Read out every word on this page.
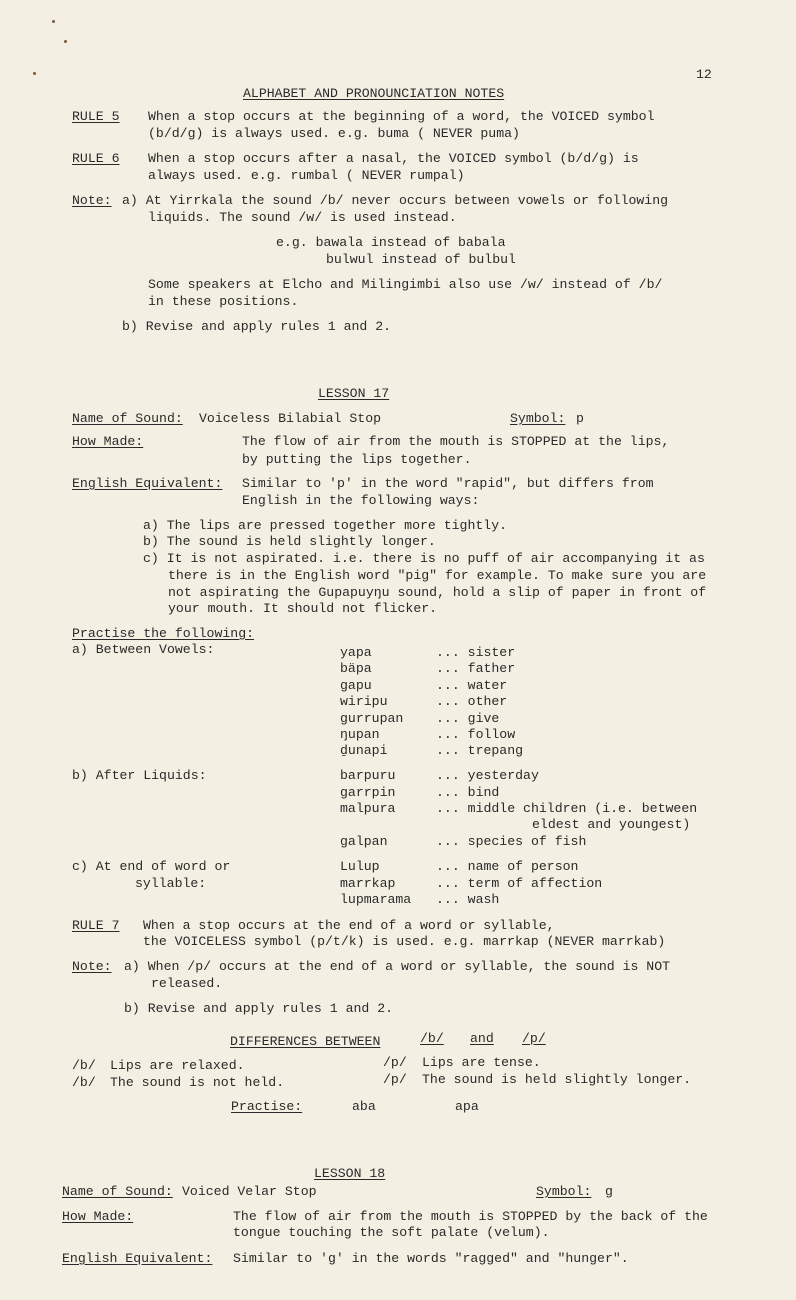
12
ALPHABET AND PRONOUNCIATION NOTES
RULE 5 When a stop occurs at the beginning of a word, the VOICED symbol
(b/d/g) is always used. e.g. buma ( NEVER puma)
RULE 6 When a stop occurs after a nasal, the VOICED symbol (b/d/g) is
always used. e.g. rumbal ( NEVER rumpal)
Note: a) At Yirrkala the sound /b/ never occurs between vowels or following
liquids. The sound /w/ is used instead.
e.g. bawala instead of babala
bulwul instead of bulbul
Some speakers at Elcho and Milingimbi also use /w/ instead of /b/
in these positions.
b) Revise and apply rules 1 and 2.
LESSON 17
Name of Sound: Voiceless Bilabial Stop	Symbol: p
How Made:	The flow of air from the mouth is STOPPED at the lips,
by putting the lips together.
English Equivalent: Similar to 'p' in the word "rapid", but differs from
English in the following ways:
a) The lips are pressed together more tightly.
b) The sound is held slightly longer.
c) It is not aspirated. i.e. there is no puff of air accompanying it as
there is in the English word "pig" for example. To make sure you are
not aspirating the Gupapuyŋu sound, hold a slip of paper in front of
your mouth. It should not flicker.
Practise the following:
a) Between Vowels:	yapa	... sister
bäpa	... father
gapu	... water
wiripu	... other
gurrupan ... give
ŋupan	... follow
ḏunapi	... trepang
b) After Liquids:	barpuru	... yesterday
garrpin	... bind
malpura	... middle children (i.e. between
eldest and youngest)
galpan	... species of fish
c) At end of word or
syllable:
Lulup	... name of person
marrkap	... term of affection
lupmarama ... wash
RULE 7 When a stop occurs at the end of a word or syllable,
the VOICELESS symbol (p/t/k) is used. e.g. marrkap (NEVER marrkab)
Note: a) When /p/ occurs at the end of a word or syllable, the sound is NOT
released.
b) Revise and apply rules 1 and 2.
DIFFERENCES BETWEEN	/b/ and /p/
/b/ Lips are relaxed.
/b/ The sound is not held.
/p/ Lips are tense.
/p/ The sound is held slightly longer.
Practise:	aba	apa
LESSON 18
Name of Sound: Voiced Velar Stop	Symbol: g
How Made:	The flow of air from the mouth is STOPPED by the back of the
tongue touching the soft palate (velum).
English Equivalent: Similar to 'g' in the words "ragged" and "hunger".
